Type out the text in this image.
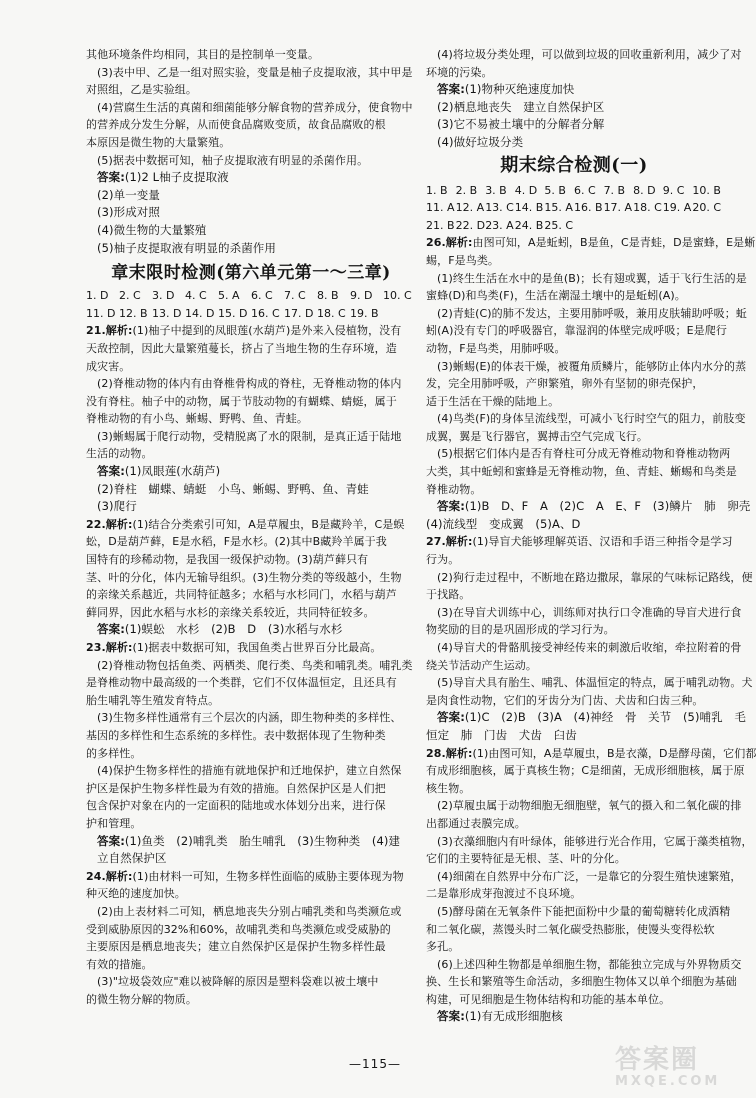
其他环境条件均相同，其目的是控制单一变量。

(3)表中甲、乙是一组对照实验，变量是柚子皮提取液，其中甲是

对照组，乙是实验组。

(4)营腐生生活的真菌和细菌能够分解食物的营养成分，使食物中

的营养成分发生分解，从而使食品腐败变质，故食品腐败的根

本原因是微生物的大量繁殖。

(5)据表中数据可知，柚子皮提取液有明显的杀菌作用。

答案:(1)2 L柚子皮提取液

(2)单一变量

(3)形成对照

(4)微生物的大量繁殖

(5)柚子皮提取液有明显的杀菌作用

章末限时检测(第六单元第一～三章)
1. D 2. C	3. D 4. C	5. A	6. C	7. C	8. B	9. D 10. C
11. D 12. B 13. D 14. D 15. D 16. C 17. D 18. C 19. B

21.解析:(1)柚子中提到的凤眼莲(水葫芦)是外来入侵植物，没有

天敌控制，因此大量繁殖蔓长，挤占了当地生物的生存环境，造

成灾害。

(2)脊椎动物的体内有由脊椎骨构成的脊柱，无脊椎动物的体内

没有脊柱。柚子中的动物，属于节肢动物的有蝴蝶、蜻蜓，属于

脊椎动物的有小鸟、蜥蜴、野鸭、鱼、青蛙。

(3)蜥蜴属于爬行动物，受精脱离了水的限制，是真正适于陆地

生活的动物。

答案:(1)凤眼莲(水葫芦)

(2)脊柱　蝴蝶、蜻蜓　小鸟、蜥蜴、野鸭、鱼、青蛙

(3)爬行

22.解析:(1)结合分类索引可知，A是草履虫，B是藏羚羊，C是蜈

蚣，D是葫芦藓，E是水稻，F是水杉。(2)其中B藏羚羊属于我

国特有的珍稀动物，是我国一级保护动物。(3)葫芦藓只有

茎、叶的分化，体内无输导组织。(3)生物分类的等级越小，生物

的亲缘关系越近，共同特征越多；水稻与水杉同门，水稻与葫芦

藓同界，因此水稻与水杉的亲缘关系较近，共同特征较多。

答案:(1)蜈蚣　水杉　(2)B　D　(3)水稻与水杉

23.解析:(1)据表中数据可知，我国鱼类占世界百分比最高。

(2)脊椎动物包括鱼类、两栖类、爬行类、鸟类和哺乳类。哺乳类

是脊椎动物中最高级的一个类群，它们不仅体温恒定，且还具有

胎生哺乳等生殖发育特点。

(3)生物多样性通常有三个层次的内涵，即生物种类的多样性、

基因的多样性和生态系统的多样性。表中数据体现了生物种类

的多样性。

(4)保护生物多样性的措施有就地保护和迁地保护，建立自然保

护区是保护生物多样性最为有效的措施。自然保护区是人们把

包含保护对象在内的一定面积的陆地或水体划分出来，进行保

护和管理。

答案:(1)鱼类　(2)哺乳类　胎生哺乳　(3)生物种类　(4)建

立自然保护区

24.解析:(1)由材料一可知，生物多样性面临的威胁主要体现为物

种灭绝的速度加快。

(2)由上表材料二可知，栖息地丧失分别占哺乳类和鸟类濒危或

受到威胁原因的32%和60%，故哺乳类和鸟类濒危或受威胁的

主要原因是栖息地丧失；建立自然保护区是保护生物多样性最

有效的措施。

(3)"垃圾袋效应"难以被降解的原因是塑料袋难以被土壤中

的微生物分解的物质。

(4)将垃圾分类处理，可以做到垃圾的回收重新利用，减少了对

环境的污染。

答案:(1)物种灭绝速度加快

(2)栖息地丧失　建立自然保护区

(3)它不易被土壤中的分解者分解

(4)做好垃圾分类

期末综合检测(一)
1. B 2. B 3. B 4. D 5. B 6. C 7. B 8. D 9. C 10. B
11. A 12. A 13. C 14. B 15. A 16. B 17. A 18. C 19. A 20. C
21. B 22. D 23. A 24. B 25. C

26.解析:由图可知，A是蚯蚓，B是鱼，C是青蛙，D是蜜蜂，E是蜥

蜴，F是鸟类。

(1)终生生活在水中的是鱼(B)；长有翅或翼，适于飞行生活的是

蜜蜂(D)和鸟类(F)，生活在潮湿土壤中的是蚯蚓(A)。

(2)青蛙(C)的肺不发达，主要用肺呼吸，兼用皮肤辅助呼吸；蚯

蚓(A)没有专门的呼吸器官，靠湿润的体壁完成呼吸；E是爬行

动物，F是鸟类，用肺呼吸。

(3)蜥蜴(E)的体表干燥，被覆角质鳞片，能够防止体内水分的蒸

发，完全用肺呼吸，产卵繁殖，卵外有坚韧的卵壳保护，

适于生活在干燥的陆地上。

(4)鸟类(F)的身体呈流线型，可减小飞行时空气的阻力，前肢变

成翼，翼是飞行器官，翼搏击空气完成飞行。

(5)根据它们体内是否有脊柱可分成无脊椎动物和脊椎动物两

大类，其中蚯蚓和蜜蜂是无脊椎动物，鱼、青蛙、蜥蜴和鸟类是

脊椎动物。

答案:(1)B　D、F　A　(2)C　A　E、F　(3)鳞片　肺　卵壳

(4)流线型　变成翼　(5)A、D

27.解析:(1)导盲犬能够理解英语、汉语和手语三种指令是学习

行为。

(2)狗行走过程中，不断地在路边撒尿，靠尿的气味标记路线，便

于找路。

(3)在导盲犬训练中心，训练师对执行口令准确的导盲犬进行食

物奖励的目的是巩固形成的学习行为。

(4)导盲犬的骨骼肌接受神经传来的刺激后收缩，牵拉附着的骨

绕关节活动产生运动。

(5)导盲犬具有胎生、哺乳、体温恒定的特点，属于哺乳动物。犬

是肉食性动物，它们的牙齿分为门齿、犬齿和臼齿三种。

答案:(1)C　(2)B　(3)A　(4)神经　骨　关节　(5)哺乳　毛

恒定　肺　门齿　犬齿　臼齿

28.解析:(1)由图可知，A是草履虫，B是衣藻，D是酵母菌，它们都

有成形细胞核，属于真核生物；C是细菌，无成形细胞核，属于原

核生物。

(2)草履虫属于动物细胞无细胞壁，氧气的摄入和二氧化碳的排

出都通过表膜完成。

(3)衣藻细胞内有叶绿体，能够进行光合作用，它属于藻类植物，

它们的主要特征是无根、茎、叶的分化。

(4)细菌在自然界中分布广泛，一是靠它的分裂生殖快速繁殖，

二是靠形成芽孢渡过不良环境。

(5)酵母菌在无氧条件下能把面粉中少量的葡萄糖转化成酒精

和二氧化碳，蒸馒头时二氧化碳受热膨胀，使馒头变得松软

多孔。

(6)上述四种生物都是单细胞生物，都能独立完成与外界物质交

换、生长和繁殖等生命活动，多细胞生物体又以单个细胞为基础

构建，可见细胞是生物体结构和功能的基本单位。

答案:(1)有无成形细胞核

—115—	答案圈
MXQE.COM
